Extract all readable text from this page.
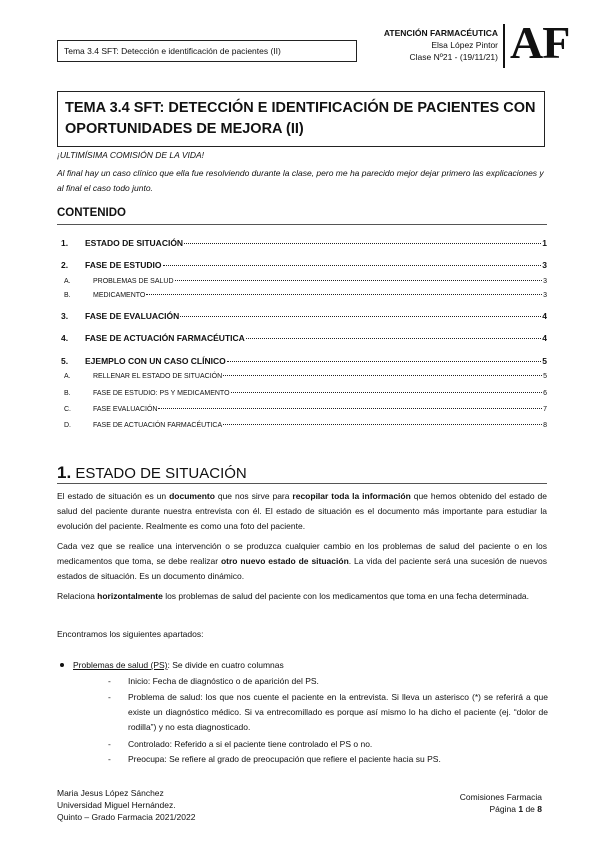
Tema 3.4 SFT: Detección e identificación de pacientes (II)
ATENCIÓN FARMACÉUTICA
Elsa López Pintor
Clase Nº21 - (19/11/21) AF
TEMA 3.4 SFT: DETECCIÓN E IDENTIFICACIÓN DE PACIENTES CON
OPORTUNIDADES DE MEJORA (II)
¡ULTIMÍSIMA COMISIÓN DE LA VIDA!
Al final hay un caso clínico que ella fue resolviendo durante la clase, pero me ha parecido mejor dejar primero las explicaciones y al final el caso todo junto.
CONTENIDO
1.	ESTADO DE SITUACIÓN	1
2.	FASE DE ESTUDIO	3
A.	PROBLEMAS DE SALUD	3
B.	MEDICAMENTO	3
3.	FASE DE EVALUACIÓN	4
4.	FASE DE ACTUACIÓN FARMACÉUTICA	4
5.	EJEMPLO CON UN CASO CLÍNICO	5
A.	RELLENAR EL ESTADO DE SITUACIÓN	5
B.	FASE DE ESTUDIO: PS Y MEDICAMENTO	6
C.	FASE EVALUACIÓN	7
D.	FASE DE ACTUACIÓN FARMACÉUTICA	8
1. ESTADO DE SITUACIÓN

El estado de situación es un documento que nos sirve para recopilar toda la información que hemos obtenido del estado de salud del paciente durante nuestra entrevista con él. El estado de situación es el documento más importante para estudiar la evolución del paciente. Realmente es como una foto del paciente.

Cada vez que se realice una intervención o se produzca cualquier cambio en los problemas de salud del paciente o en los medicamentos que toma, se debe realizar otro nuevo estado de situación. La vida del paciente será una sucesión de nuevos estados de situación. Es un documento dinámico.

Relaciona horizontalmente los problemas de salud del paciente con los medicamentos que toma en una fecha determinada.

Encontramos los siguientes apartados:

Problemas de salud (PS): Se divide en cuatro columnas
- Inicio: Fecha de diagnóstico o de aparición del PS.
- Problema de salud: los que nos cuente el paciente en la entrevista. Si lleva un asterisco (*) se referirá a que existe un diagnóstico médico. Si va entrecomillado es porque así mismo lo ha dicho el paciente (ej. “dolor de rodilla”) y no esta diagnosticado.
- Controlado: Referido a si el paciente tiene controlado el PS o no.
- Preocupa: Se refiere al grado de preocupación que refiere el paciente hacia su PS.
Maria Jesus López Sánchez
Universidad Miguel Hernández.
Quinto – Grado Farmacia 2021/2022
Comisiones Farmacia
Página 1 de 8
